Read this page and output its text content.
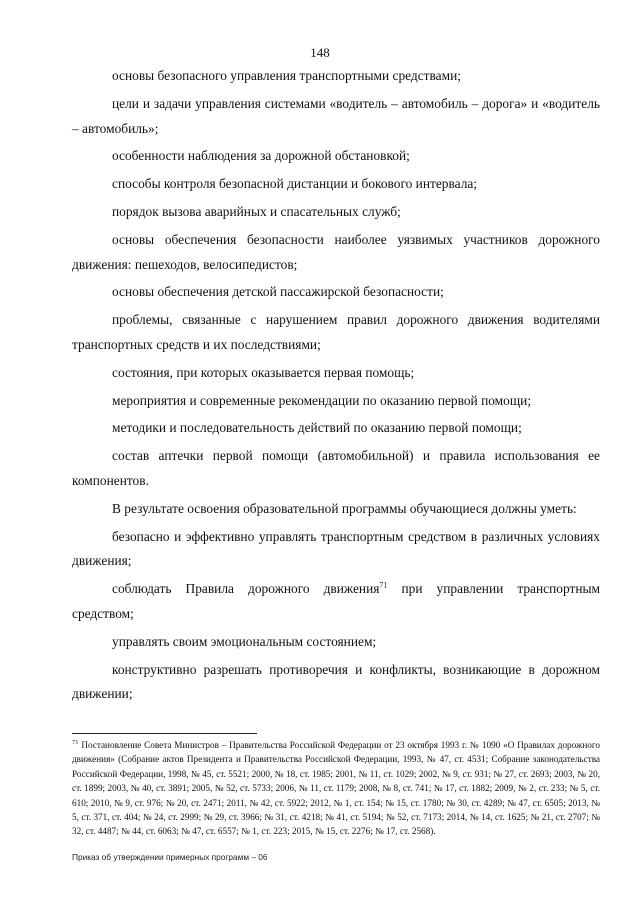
148

основы безопасного управления транспортными средствами;

цели и задачи управления системами «водитель – автомобиль – дорога» и «водитель – автомобиль»;

особенности наблюдения за дорожной обстановкой;

способы контроля безопасной дистанции и бокового интервала;

порядок вызова аварийных и спасательных служб;

основы обеспечения безопасности наиболее уязвимых участников дорожного движения: пешеходов, велосипедистов;

основы обеспечения детской пассажирской безопасности;

проблемы, связанные с нарушением правил дорожного движения водителями транспортных средств и их последствиями;

состояния, при которых оказывается первая помощь;

мероприятия и современные рекомендации по оказанию первой помощи;

методики и последовательность действий по оказанию первой помощи;

состав аптечки первой помощи (автомобильной) и правила использования ее компонентов.

В результате освоения образовательной программы обучающиеся должны уметь:

безопасно и эффективно управлять транспортным средством в различных условиях движения;

соблюдать Правила дорожного движения$^{71}$ при управлении транспортным средством;

управлять своим эмоциональным состоянием;

конструктивно разрешать противоречия и конфликты, возникающие в дорожном движении;

$^{71}$ Постановление Совета Министров – Правительства Российской Федерации от 23 октября 1993 г. № 1090 «О Правилах дорожного движения» (Собрание актов Президента и Правительства Российской Федерации, 1993, № 47, ст. 4531; Собрание законодательства Российской Федерации, 1998, № 45, ст. 5521; 2000, № 18, ст. 1985; 2001, № 11, ст. 1029; 2002, № 9, ст. 931; № 27, ст. 2693; 2003, № 20, ст. 1899; 2003, № 40, ст. 3891; 2005, № 52, ст. 5733; 2006, № 11, ст. 1179; 2008, № 8, ст. 741; № 17, ст. 1882; 2009, № 2, ст. 233; № 5, ст. 610; 2010, № 9, ст. 976; № 20, ст. 2471; 2011, № 42, ст. 5922; 2012, № 1, ст. 154; № 15, ст. 1780; № 30, ст. 4289; № 47, ст. 6505; 2013, № 5, ст. 371, ст. 404; № 24, ст. 2999; № 29, ст. 3966; № 31, ст. 4218; № 41, ст. 5194; № 52, ст. 7173; 2014, № 14, ст. 1625; № 21, ст. 2707; № 32, ст. 4487; № 44, ст. 6063; № 47, ст. 6557; № 1, ст. 223; 2015, № 15, ст. 2276; № 17, ст. 2568).
Приказ об утверждении примерных программ – 06
